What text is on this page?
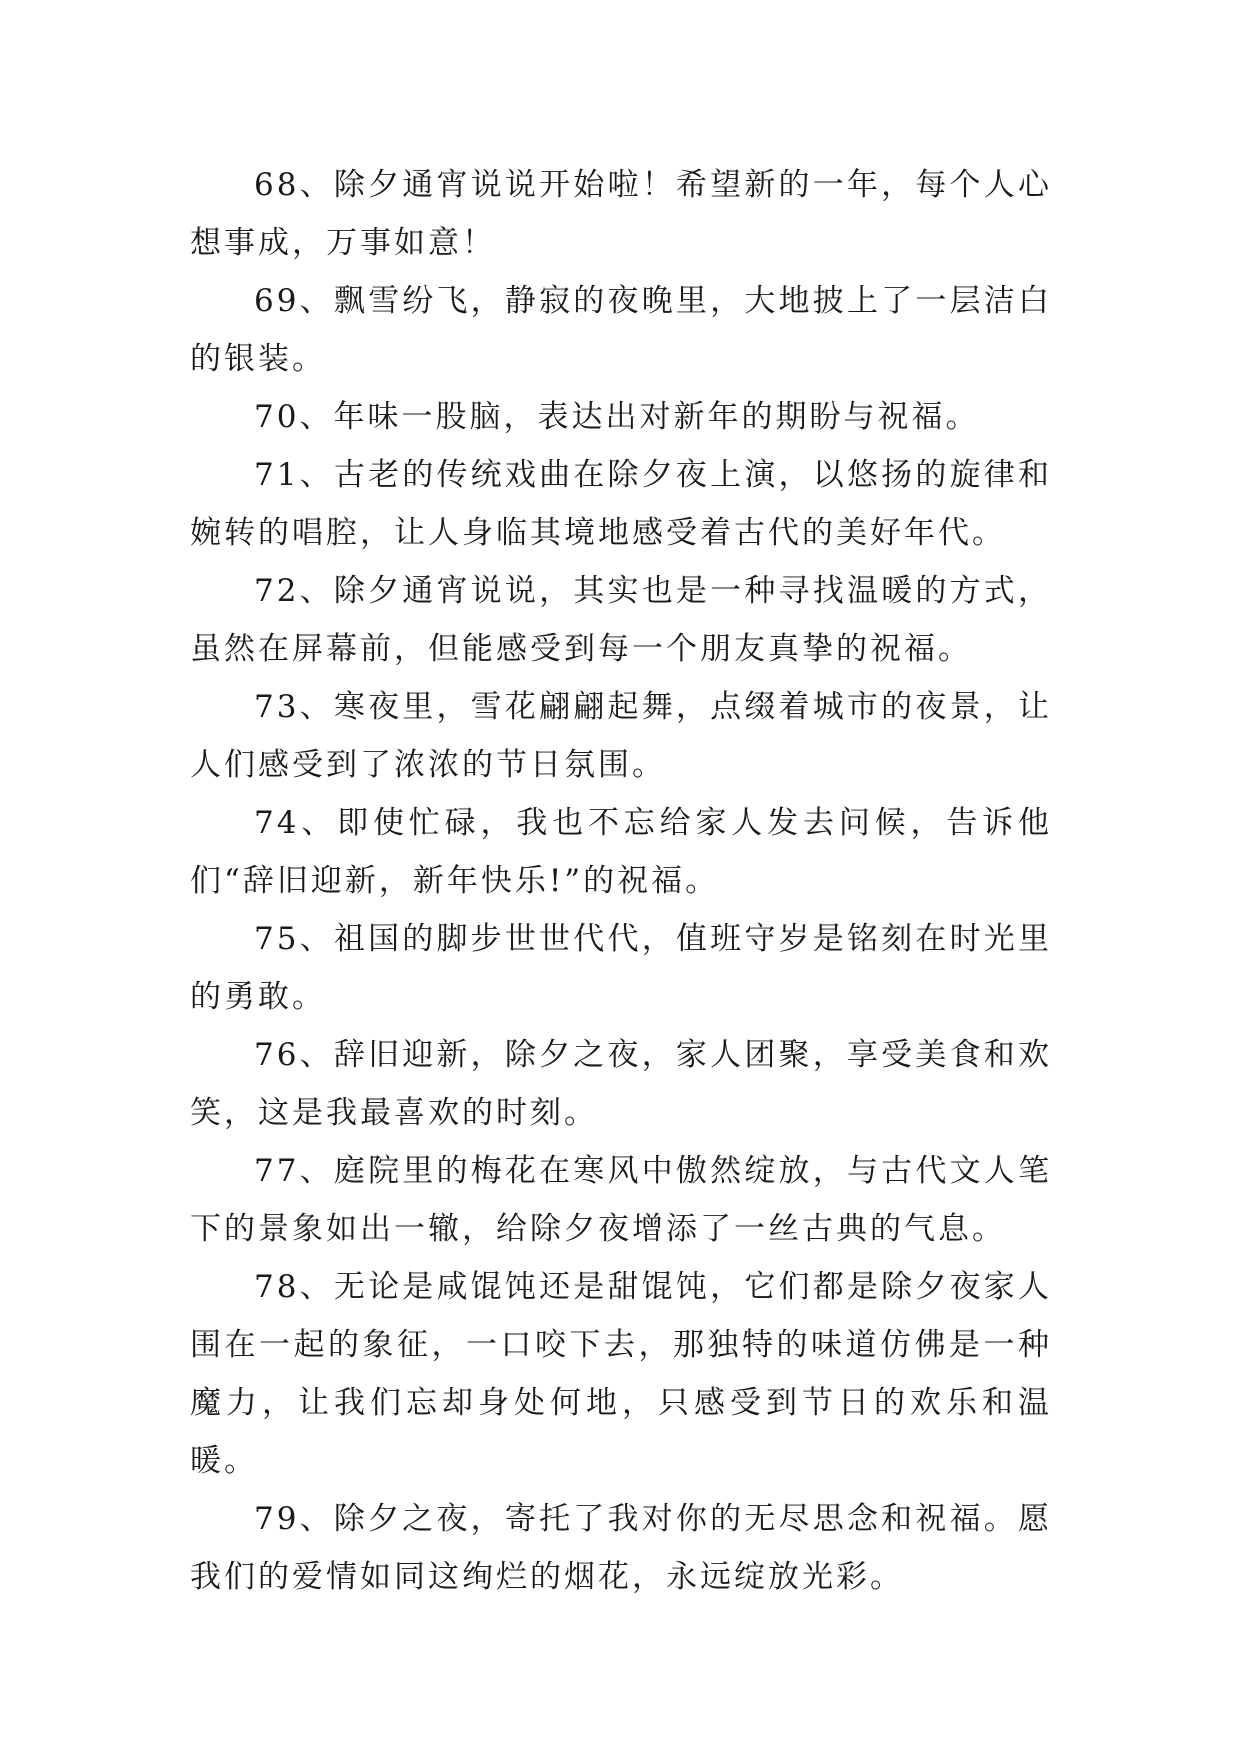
68、除夕通宵说说开始啦！希望新的一年，每个人心想事成，万事如意！

69、飘雪纷飞，静寂的夜晚里，大地披上了一层洁白的银装。

70、年味一股脑，表达出对新年的期盼与祝福。

71、古老的传统戏曲在除夕夜上演，以悠扬的旋律和婉转的唱腔，让人身临其境地感受着古代的美好年代。

72、除夕通宵说说，其实也是一种寻找温暖的方式，虽然在屏幕前，但能感受到每一个朋友真挚的祝福。

73、寒夜里，雪花翩翩起舞，点缀着城市的夜景，让人们感受到了浓浓的节日氛围。

74、即使忙碌，我也不忘给家人发去问候，告诉他们“辞旧迎新，新年快乐!”的祝福。

75、祖国的脚步世世代代，值班守岁是铭刻在时光里的勇敢。

76、辞旧迎新，除夕之夜，家人团聚，享受美食和欢笑，这是我最喜欢的时刻。

77、庭院里的梅花在寒风中傲然绽放，与古代文人笔下的景象如出一辙，给除夕夜增添了一丝古典的气息。

78、无论是咸馄饨还是甜馄饨，它们都是除夕夜家人围在一起的象征，一口咬下去，那独特的味道仿佛是一种魔力，让我们忘却身处何地，只感受到节日的欢乐和温暖。

79、除夕之夜，寄托了我对你的无尽思念和祝福。愿我们的爱情如同这绚烂的烟花，永远绽放光彩。
